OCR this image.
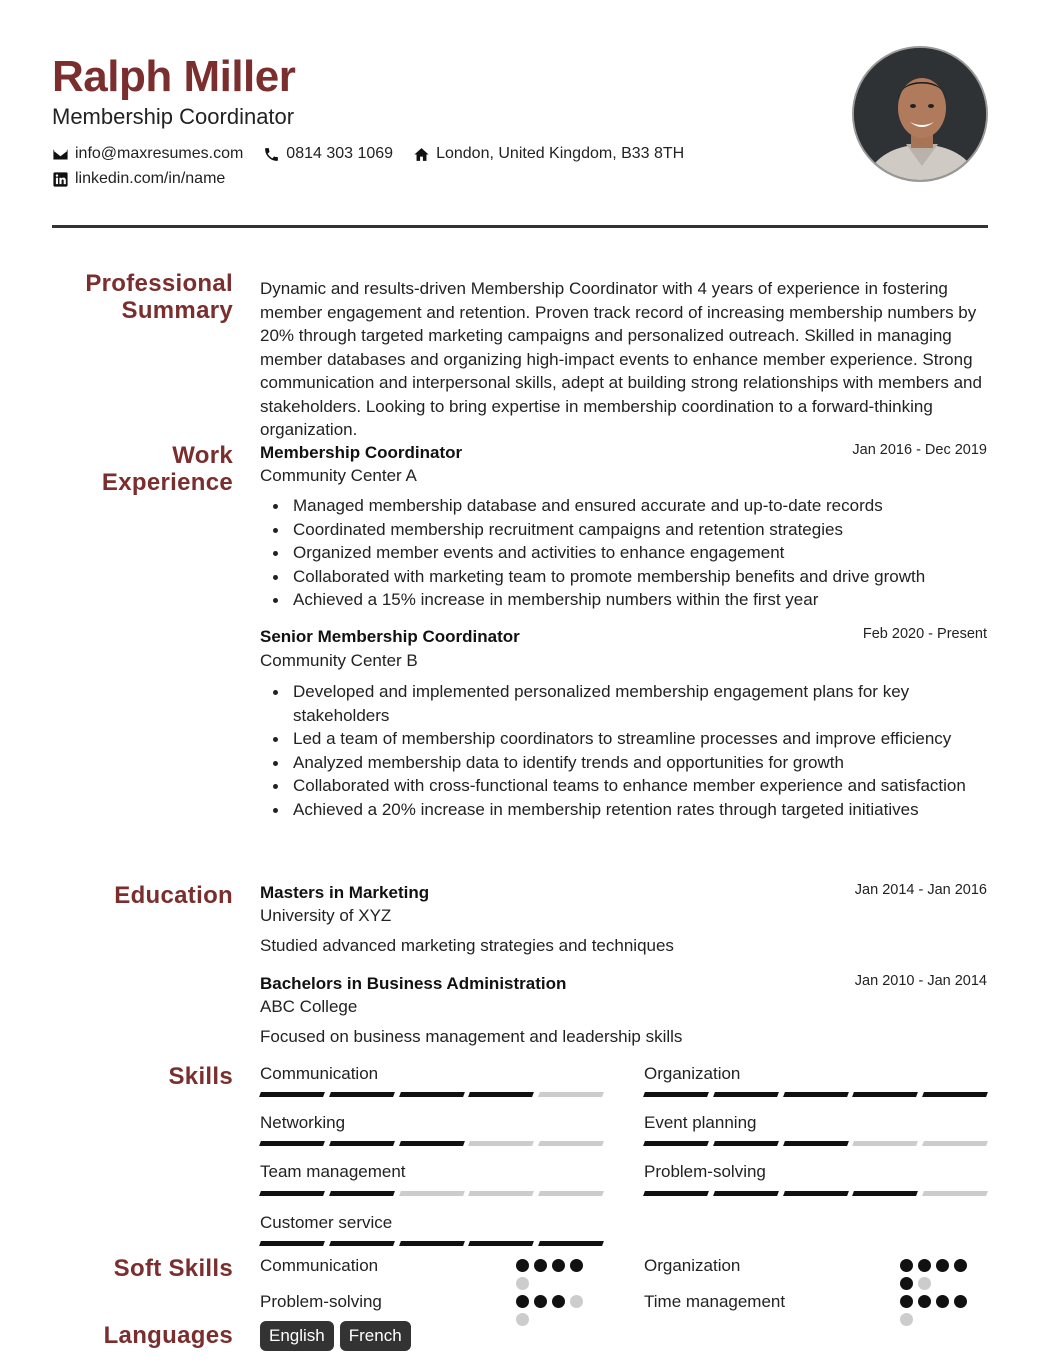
Ralph Miller
Membership Coordinator
info@maxresumes.com	0814 303 1069	London, United Kingdom, B33 8TH
linkedin.com/in/name
Professional
Summary
Dynamic and results-driven Membership Coordinator with 4 years of experience in fostering member engagement and retention. Proven track record of increasing membership numbers by 20% through targeted marketing campaigns and personalized outreach. Skilled in managing member databases and organizing high-impact events to enhance member experience. Strong communication and interpersonal skills, adept at building strong relationships with members and stakeholders. Looking to bring expertise in membership coordination to a forward-thinking organization.
Work
Experience
Membership Coordinator	Jan 2016 - Dec 2019
Community Center A
Managed membership database and ensured accurate and up-to-date records
Coordinated membership recruitment campaigns and retention strategies
Organized member events and activities to enhance engagement
Collaborated with marketing team to promote membership benefits and drive growth
Achieved a 15% increase in membership numbers within the first year
Senior Membership Coordinator	Feb 2020 - Present
Community Center B
Developed and implemented personalized membership engagement plans for key stakeholders
Led a team of membership coordinators to streamline processes and improve efficiency
Analyzed membership data to identify trends and opportunities for growth
Collaborated with cross-functional teams to enhance member experience and satisfaction
Achieved a 20% increase in membership retention rates through targeted initiatives
Education Masters in Marketing	Jan 2014 - Jan 2016
University of XYZ
Studied advanced marketing strategies and techniques
Bachelors in Business Administration	Jan 2010 - Jan 2014
ABC College
Focused on business management and leadership skills
Skills Communication	Organization
Networking	Event planning
Team management	Problem-solving
Customer service
Soft Skills Communication	Organization
Problem-solving	Time management
Languages	English	French
